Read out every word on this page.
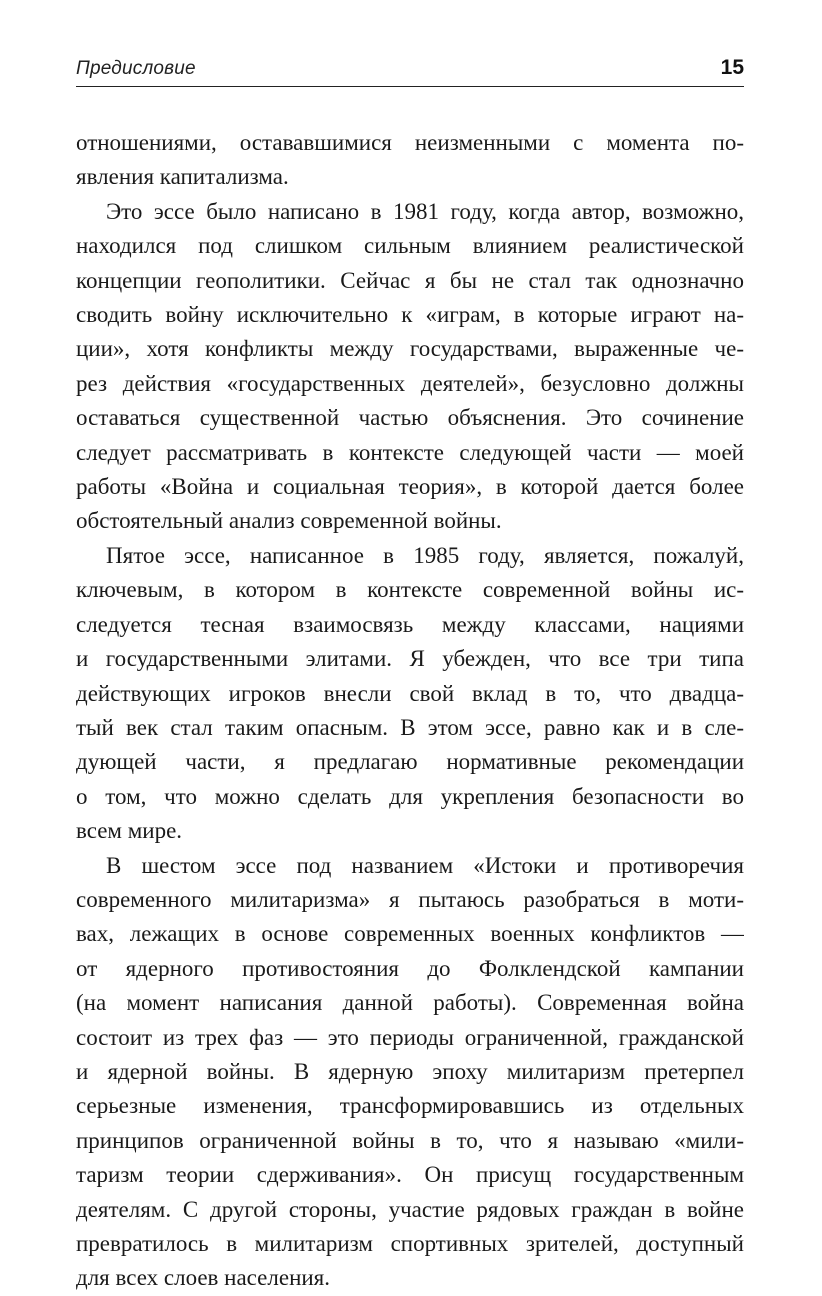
Предисловие	15
отношениями, остававшимися неизменными с момента по-
явления капитализма.
Это эссе было написано в 1981 году, когда автор, возможно,
находился под слишком сильным влиянием реалистической
концепции геополитики. Сейчас я бы не стал так однозначно
сводить войну исключительно к «играм, в которые играют на-
ции», хотя конфликты между государствами, выраженные че-
рез действия «государственных деятелей», безусловно должны
оставаться существенной частью объяснения. Это сочинение
следует рассматривать в контексте следующей части — моей
работы «Война и социальная теория», в которой дается более
обстоятельный анализ современной войны.
Пятое эссе, написанное в 1985 году, является, пожалуй,
ключевым, в котором в контексте современной войны ис-
следуется тесная взаимосвязь между классами, нациями
и государственными элитами. Я убежден, что все три типа
действующих игроков внесли свой вклад в то, что двадца-
тый век стал таким опасным. В этом эссе, равно как и в сле-
дующей части, я предлагаю нормативные рекомендации
о том, что можно сделать для укрепления безопасности во
всем мире.
В шестом эссе под названием «Истоки и противоречия
современного милитаризма» я пытаюсь разобраться в моти-
вах, лежащих в основе современных военных конфликтов —
от ядерного противостояния до Фолклендской кампании
(на момент написания данной работы). Современная война
состоит из трех фаз — это периоды ограниченной, гражданской
и ядерной войны. В ядерную эпоху милитаризм претерпел
серьезные изменения, трансформировавшись из отдельных
принципов ограниченной войны в то, что я называю «мили-
таризм теории сдерживания». Он присущ государственным
деятелям. С другой стороны, участие рядовых граждан в войне
превратилось в милитаризм спортивных зрителей, доступный
для всех слоев населения.
